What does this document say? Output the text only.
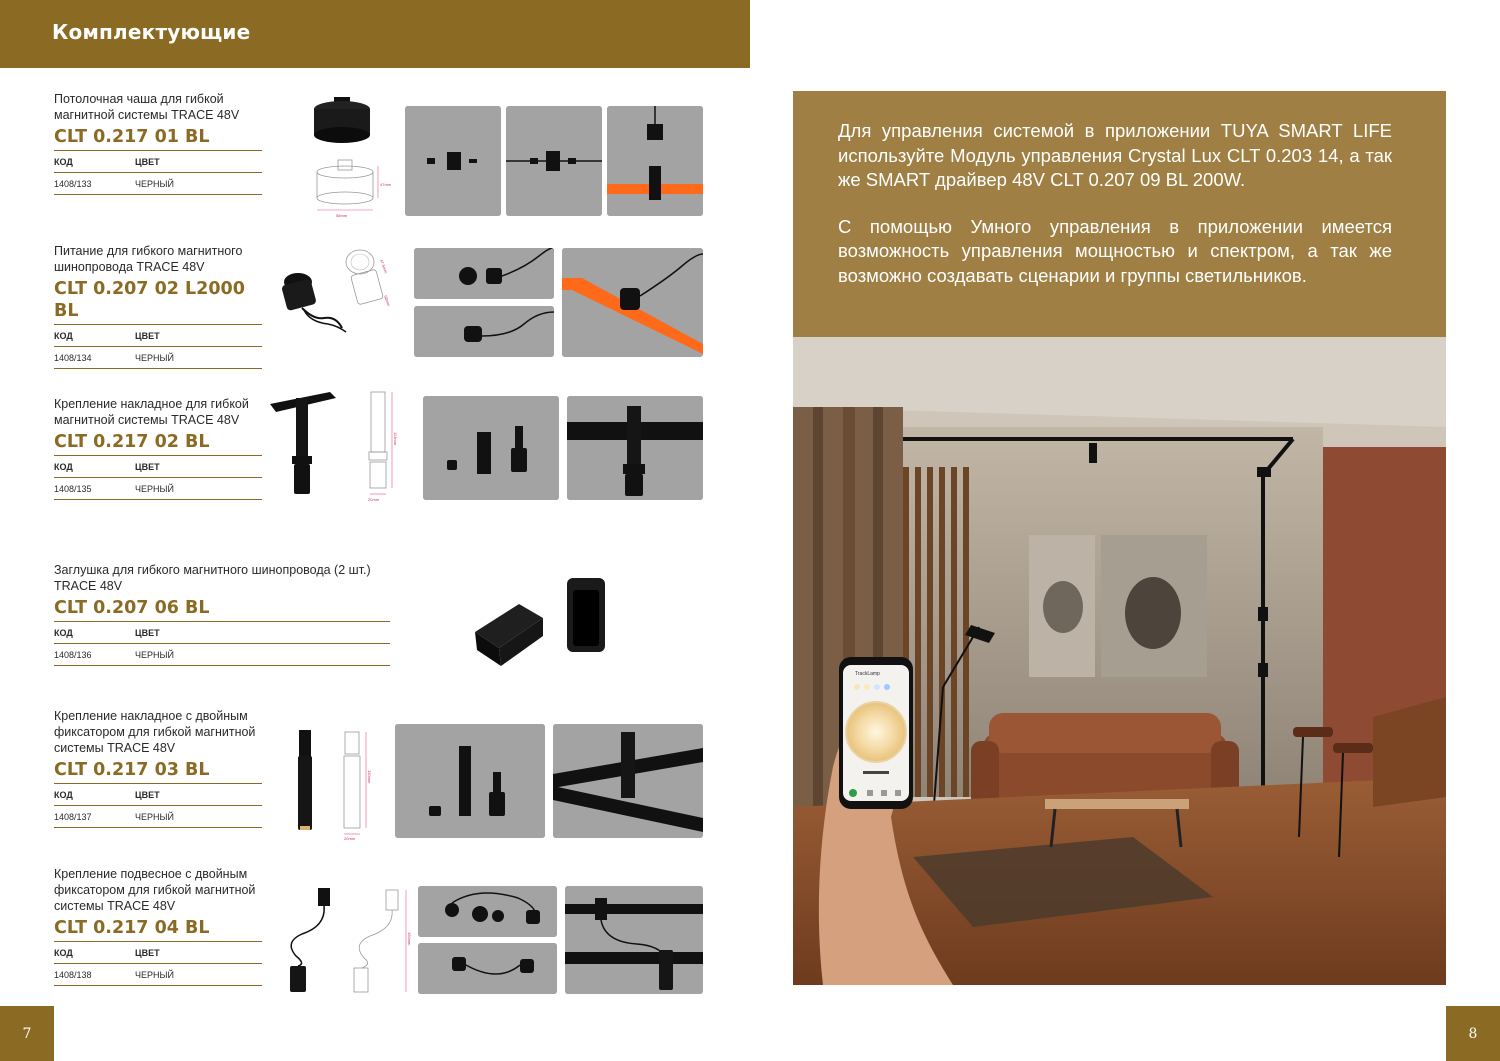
Комплектующие
Потолочная чаша для гибкой
магнитной системы TRACE 48V
CLT 0.217 01 BL
КОД	ЦВЕТ
1408/133	ЧЕРНЫЙ
58mm
47mm
Питание для гибкого магнитного
шинопровода TRACE 48V
CLT 0.207 02 L2000 BL
КОД	ЦВЕТ
1408/134	ЧЕРНЫЙ
47.5mm
58mm
Крепление накладное для гибкой
магнитной системы TRACE 48V
CLT 0.217 02 BL
КОД	ЦВЕТ
1408/135	ЧЕРНЫЙ
113mm
20mm
Заглушка для гибкого магнитного шинопровода (2 шт.)
TRACE 48V
CLT 0.207 06 BL
КОД	ЦВЕТ
1408/136	ЧЕРНЫЙ
Крепление накладное с двойным
фиксатором для гибкой магнитной
системы TRACE 48V
CLT 0.217 03 BL
КОД	ЦВЕТ
1408/137	ЧЕРНЫЙ
150mm
20mm
Крепление подвесное с двойным
фиксатором для гибкой магнитной
системы TRACE 48V
CLT 0.217 04 BL
КОД	ЦВЕТ
1408/138	ЧЕРНЫЙ
150mm

Для управления системой в приложении TUYA SMART LIFE используйте Модуль управления Crystal Lux CLT 0.203 14, а так же SMART драйвер 48V CLT 0.207 09 BL 200W.

С помощью Умного управления в приложении имеется возможность управления мощностью и спектром, а так же возможно создавать сценарии и группы светильников.

TrackLamp
7	8
